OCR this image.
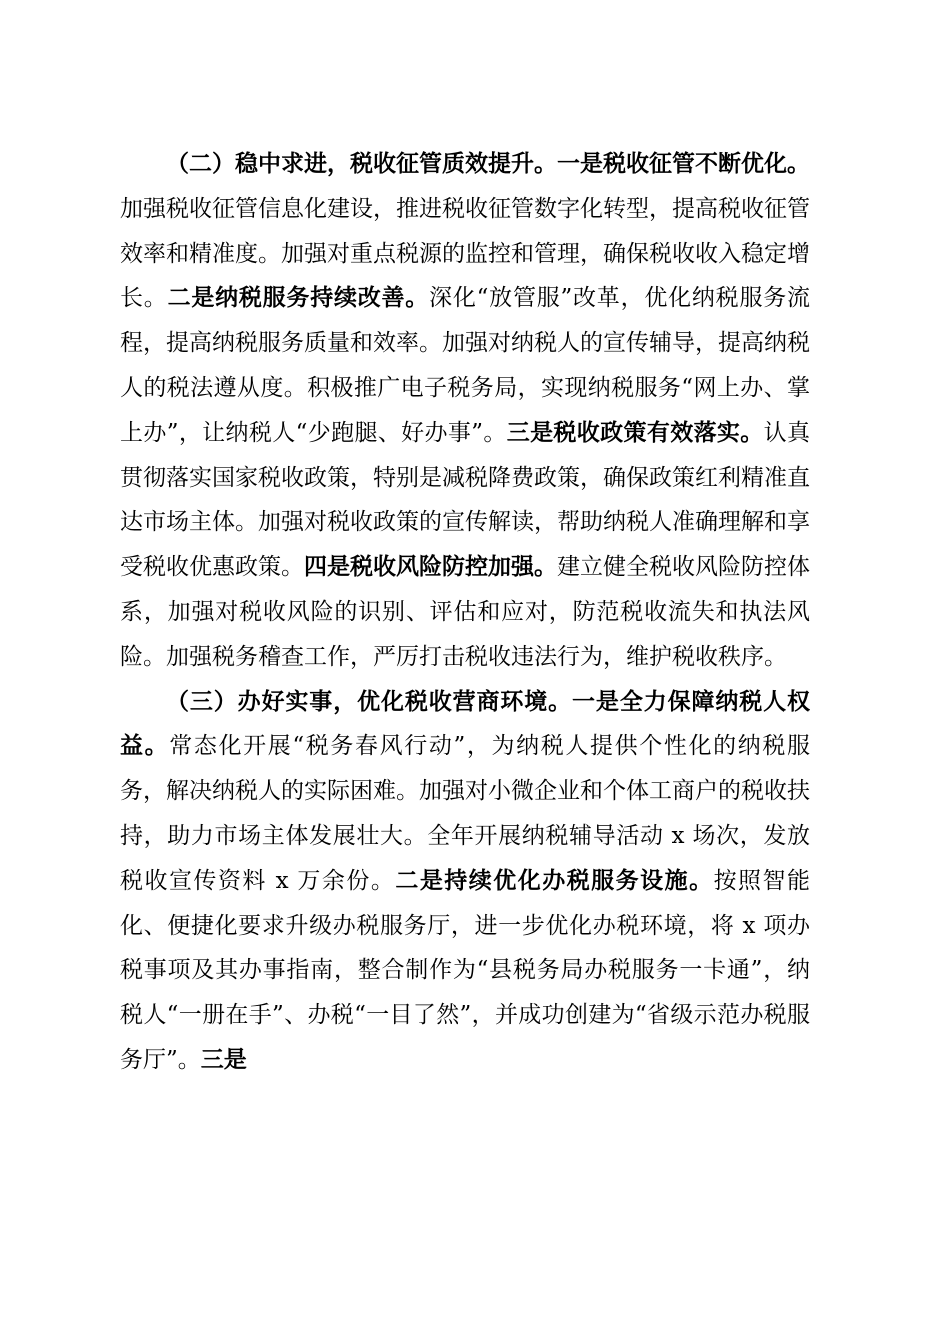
（二）稳中求进，税收征管质效提升。一是税收征管不断优化。加强税收征管信息化建设，推进税收征管数字化转型，提高税收征管效率和精准度。加强对重点税源的监控和管理，确保税收收入稳定增长。二是纳税服务持续改善。深化“放管服”改革，优化纳税服务流程，提高纳税服务质量和效率。加强对纳税人的宣传辅导，提高纳税人的税法遵从度。积极推广电子税务局，实现纳税服务“网上办、掌上办”，让纳税人“少跑腿、好办事”。三是税收政策有效落实。认真贯彻落实国家税收政策，特别是减税降费政策，确保政策红利精准直达市场主体。加强对税收政策的宣传解读，帮助纳税人准确理解和享受税收优惠政策。四是税收风险防控加强。建立健全税收风险防控体系，加强对税收风险的识别、评估和应对，防范税收流失和执法风险。加强税务稽查工作，严厉打击税收违法行为，维护税收秩序。

（三）办好实事，优化税收营商环境。一是全力保障纳税人权益。常态化开展“税务春风行动”，为纳税人提供个性化的纳税服务，解决纳税人的实际困难。加强对小微企业和个体工商户的税收扶持，助力市场主体发展壮大。全年开展纳税辅导活动 x 场次，发放税收宣传资料 x 万余份。二是持续优化办税服务设施。按照智能化、便捷化要求升级办税服务厅，进一步优化办税环境，将 x 项办税事项及其办事指南，整合制作为“县税务局办税服务一卡通”，纳税人“一册在手”、办税“一目了然”，并成功创建为“省级示范办税服务厅”。三是
